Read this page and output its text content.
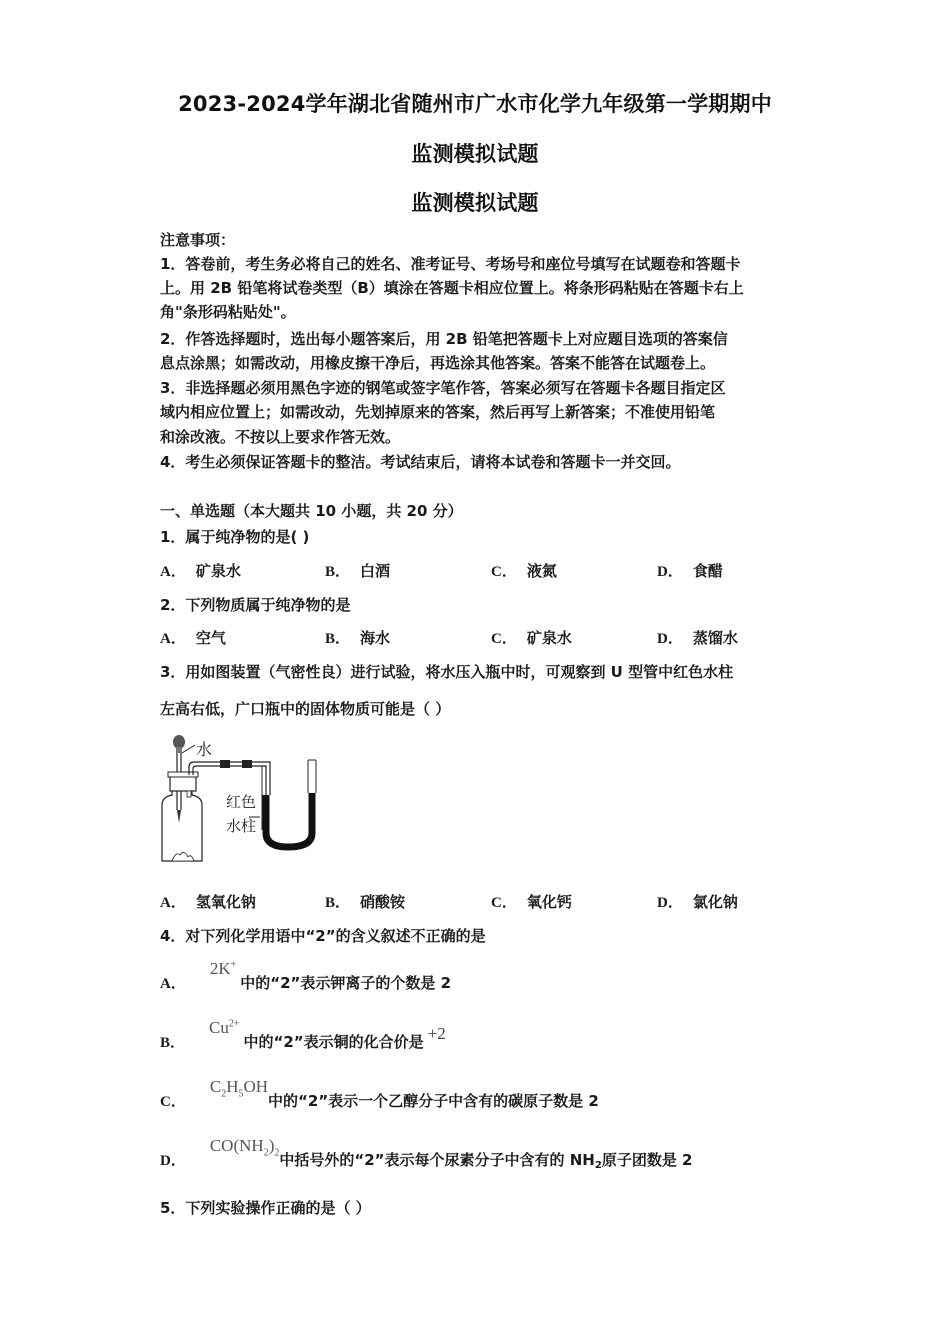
2023-2024学年湖北省随州市广水市化学九年级第一学期期中
监测模拟试题
监测模拟试题
注意事项：
1．答卷前，考生务必将自己的姓名、准考证号、考场号和座位号填写在试题卷和答题卡
上。用 2B 铅笔将试卷类型（B）填涂在答题卡相应位置上。将条形码粘贴在答题卡右上
角"条形码粘贴处"。
2．作答选择题时，选出每小题答案后，用 2B 铅笔把答题卡上对应题目选项的答案信
息点涂黑；如需改动，用橡皮擦干净后，再选涂其他答案。答案不能答在试题卷上。
3．非选择题必须用黑色字迹的钢笔或签字笔作答，答案必须写在答题卡各题目指定区
域内相应位置上；如需改动，先划掉原来的答案，然后再写上新答案；不准使用铅笔
和涂改液。不按以上要求作答无效。
4．考生必须保证答题卡的整洁。考试结束后，请将本试卷和答题卡一并交回。
一、单选题（本大题共 10 小题，共 20 分）
1．属于纯净物的是( )
A． 矿泉水	B． 白酒	C． 液氮	D． 食醋
2．下列物质属于纯净物的是
A． 空气	B． 海水	C． 矿泉水	D． 蒸馏水
3．用如图装置（气密性良）进行试验，将水压入瓶中时，可观察到 U 型管中红色水柱
左高右低，广口瓶中的固体物质可能是（ ）
水
红色
水柱
A． 氢氧化钠	B． 硝酸铵	C． 氧化钙	D． 氯化钠
4．对下列化学用语中“2”的含义叙述不正确的是
A．2K+中的“2”表示钾离子的个数是 2
B．$Cu^{2+}$中的“2”表示铜的化合价是 +2
C．$C_2H_5OH$中的“2”表示一个乙醇分子中含有的碳原子数是 2
D．$CO(NH_2)_2$中括号外的“2”表示每个尿素分子中含有的 $NH_2$原子团数是 2
5．下列实验操作正确的是（ ）
